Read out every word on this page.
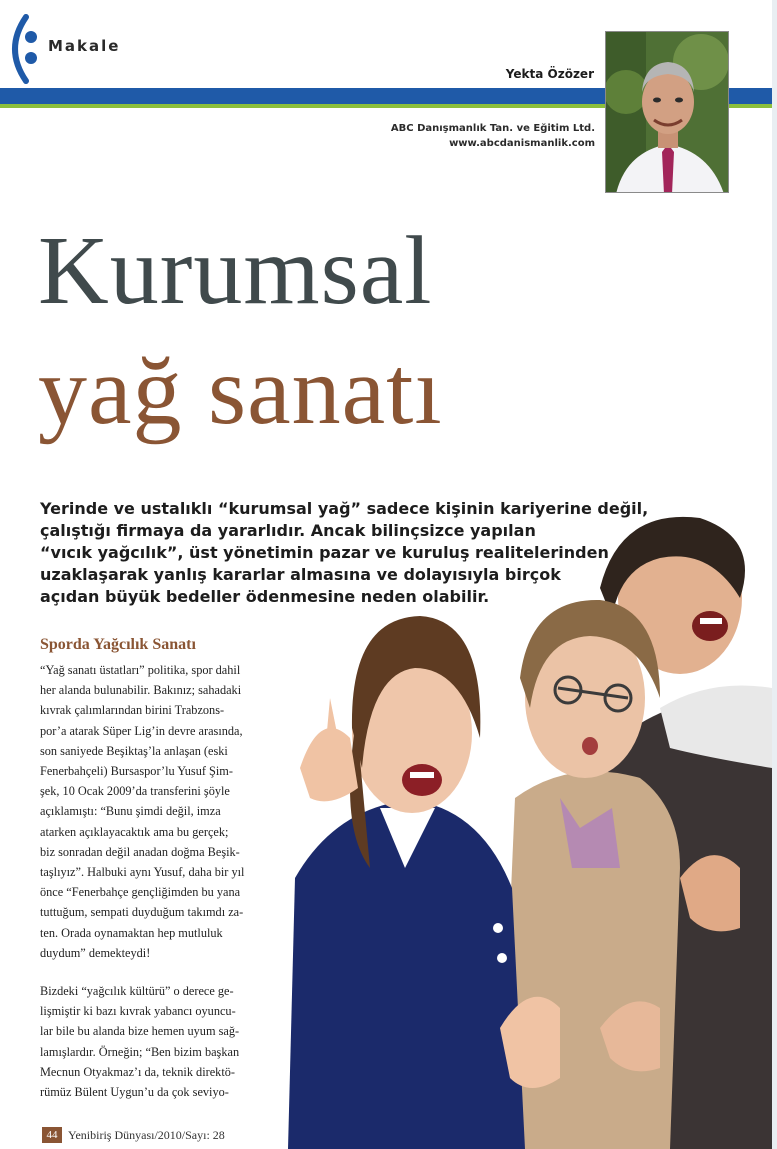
Makale
Yekta Özözer
ABC Danışmanlık Tan. ve Eğitim Ltd.
www.abcdanismanlik.com
Kurumsal
yağ sanatı
Yerinde ve ustalıklı “kurumsal yağ” sadece kişinin kariyerine değil,
çalıştığı firmaya da yararlıdır. Ancak bilinçsizce yapılan
“vıcık yağcılık”, üst yönetimin pazar ve kuruluş realitelerinden
uzaklaşarak yanlış kararlar almasına ve dolayısıyla birçok
açıdan büyük bedeller ödenmesine neden olabilir.
Sporda Yağcılık Sanatı
“Yağ sanatı üstatları” politika, spor dahil
her alanda bulunabilir. Bakınız; sahadaki
kıvrak çalımlarından birini Trabzons-
por’a atarak Süper Lig’in devre arasında,
son saniyede Beşiktaş’la anlaşan (eski
Fenerbahçeli) Bursaspor’lu Yusuf Şim-
şek, 10 Ocak 2009’da transferini şöyle
açıklamıştı: “Bunu şimdi değil, imza
atarken açıklayacaktık ama bu gerçek;
biz sonradan değil anadan doğma Beşik-
taşlıyız”. Halbuki aynı Yusuf, daha bir yıl
önce “Fenerbahçe gençliğimden bu yana
tuttuğum, sempati duyduğum takımdı za-
ten. Orada oynamaktan hep mutluluk
duydum” demekteydi!
Bizdeki “yağcılık kültürü” o derece ge-
lişmiştir ki bazı kıvrak yabancı oyuncu-
lar bile bu alanda bize hemen uyum sağ-
lamışlardır. Örneğin; “Ben bizim başkan
Mecnun Otyakmaz’ı da, teknik direktö-
rümüz Bülent Uygun’u da çok seviyo-
44 Yenibiriş Dünyası/2010/Sayı: 28
